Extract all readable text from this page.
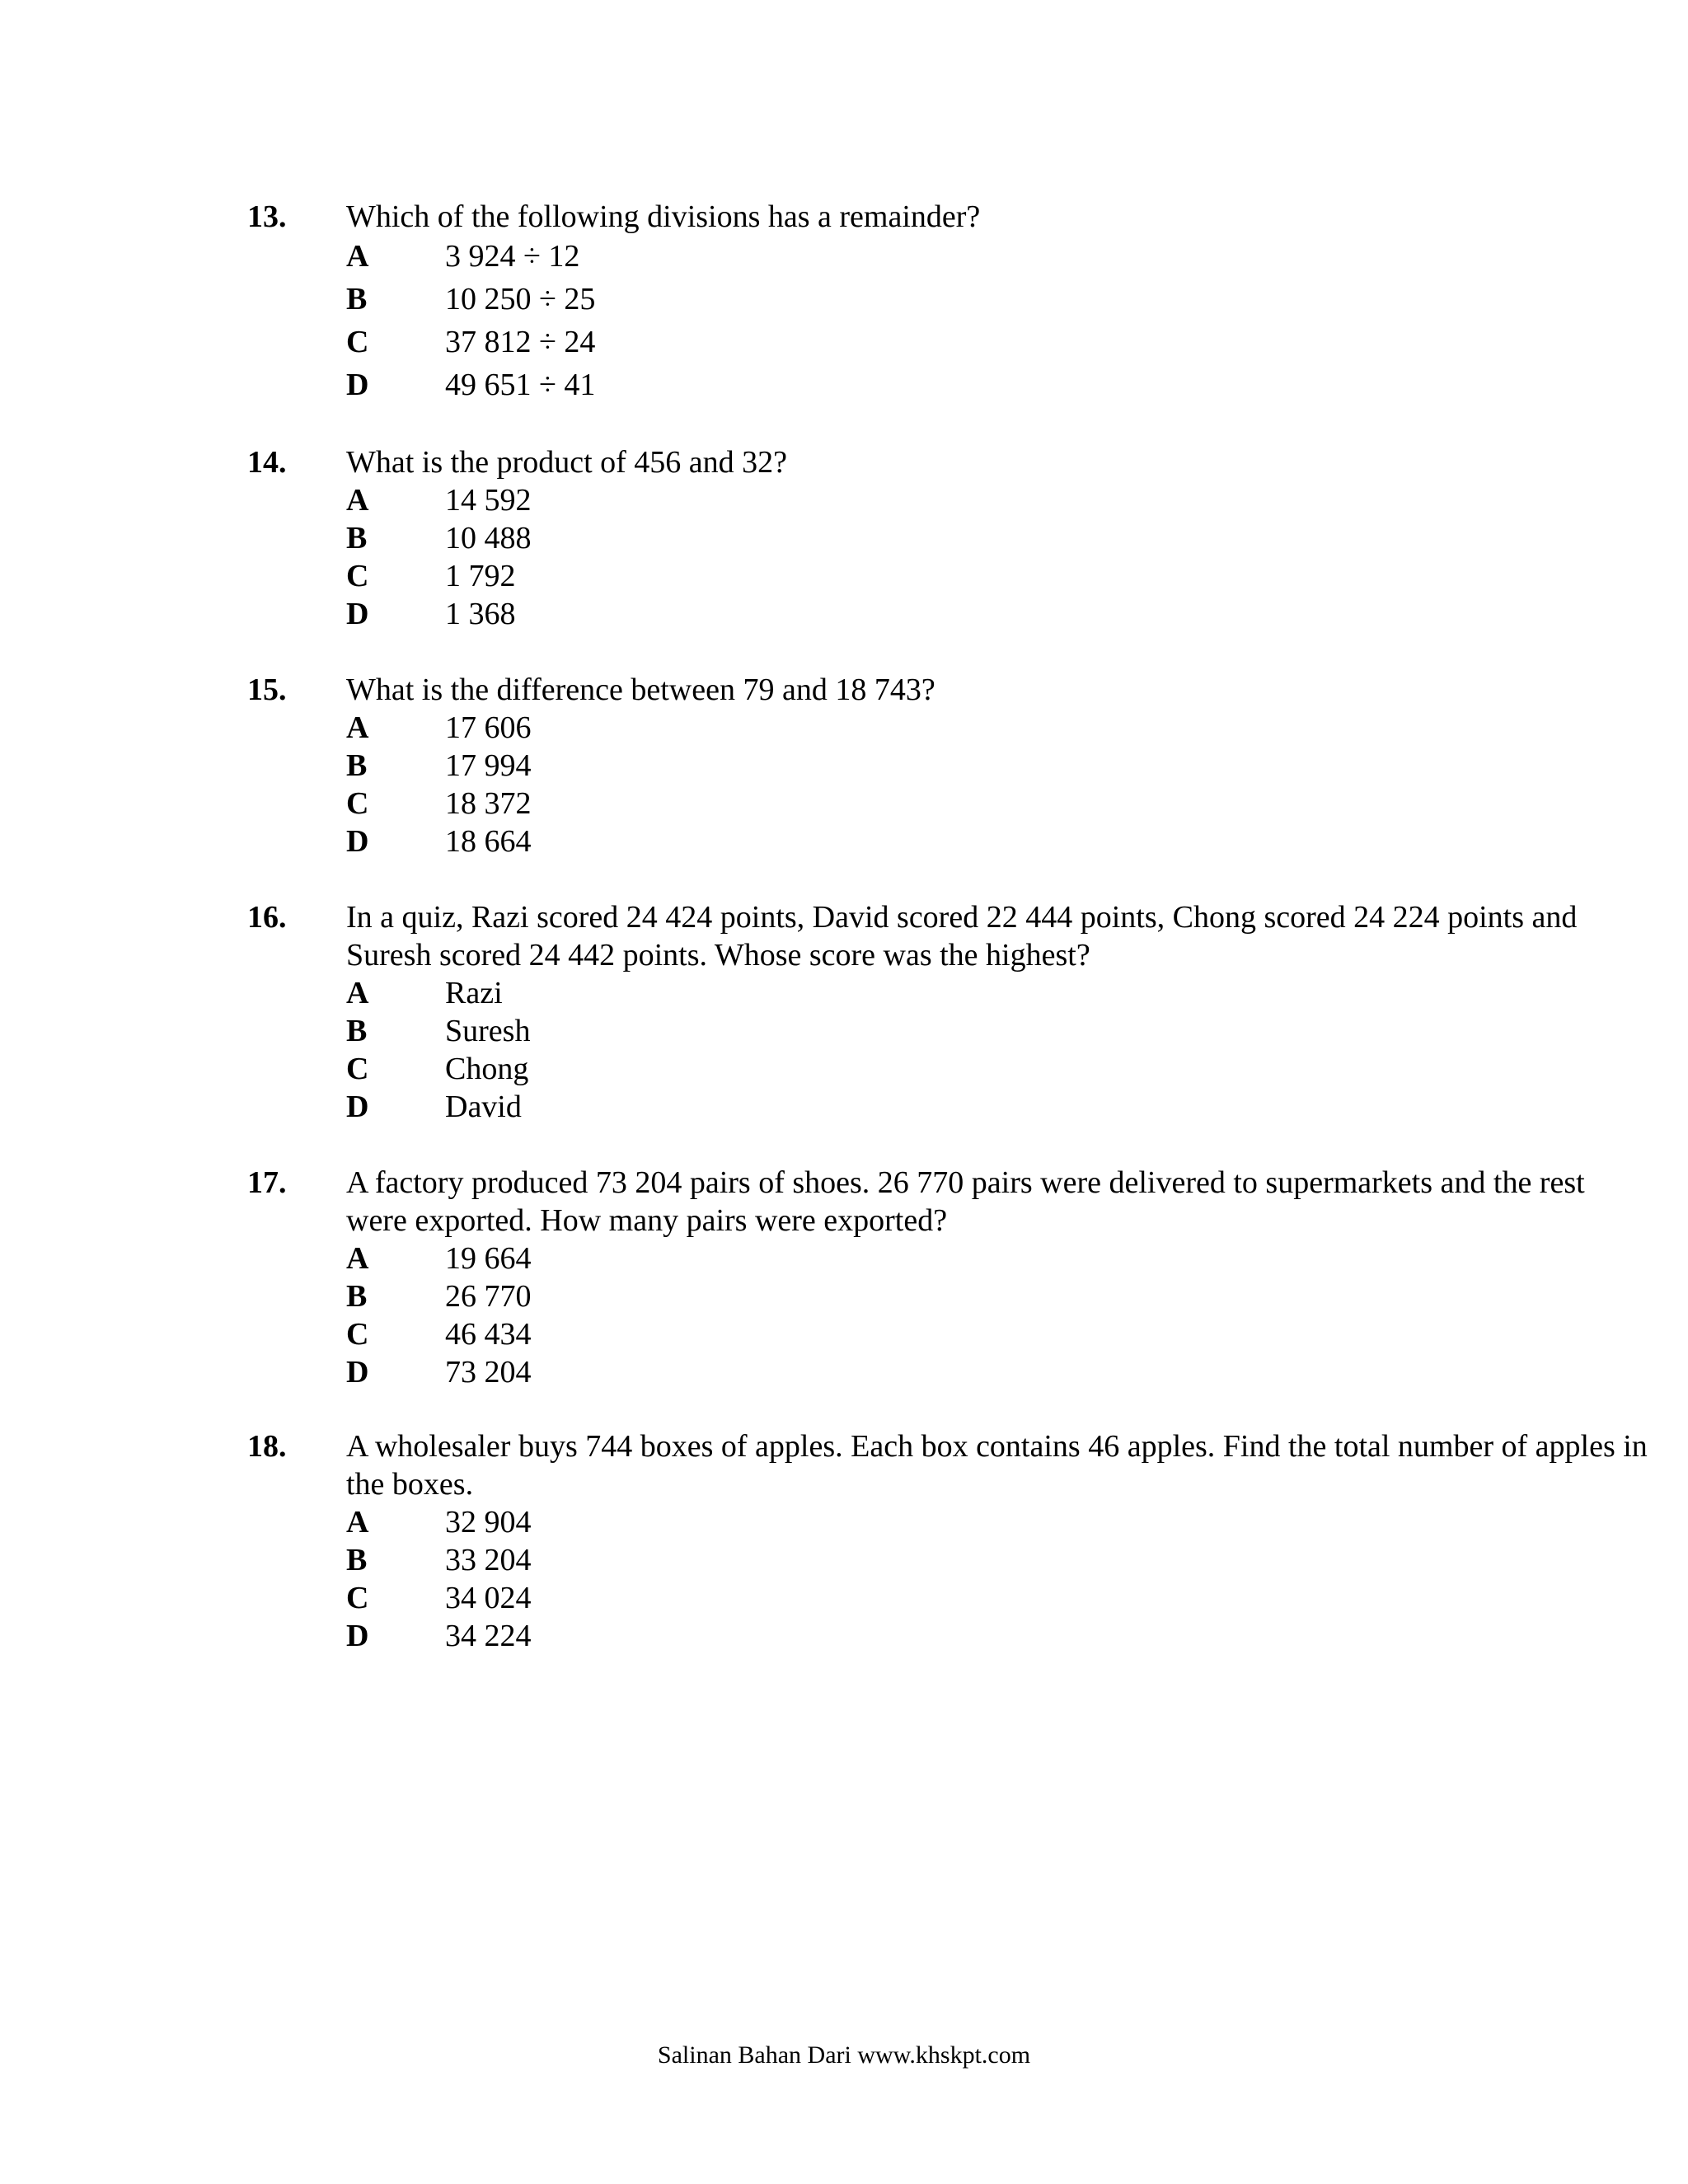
13. Which of the following divisions has a remainder?
A 3 924 ÷ 12
B 10 250 ÷ 25
C 37 812 ÷ 24
D 49 651 ÷ 41
14. What is the product of 456 and 32?
A 14 592
B 10 488
C 1 792
D 1 368
15. What is the difference between 79 and 18 743?
A 17 606
B 17 994
C 18 372
D 18 664
16. In a quiz, Razi scored 24 424 points, David scored 22 444 points, Chong scored 24 224 points and Suresh scored 24 442 points. Whose score was the highest?
A Razi
B Suresh
C Chong
D David
17. A factory produced 73 204 pairs of shoes. 26 770 pairs were delivered to supermarkets and the rest were exported. How many pairs were exported?
A 19 664
B 26 770
C 46 434
D 73 204
18. A wholesaler buys 744 boxes of apples. Each box contains 46 apples. Find the total number of apples in the boxes.
A 32 904
B 33 204
C 34 024
D 34 224
Salinan Bahan Dari www.khskpt.com
